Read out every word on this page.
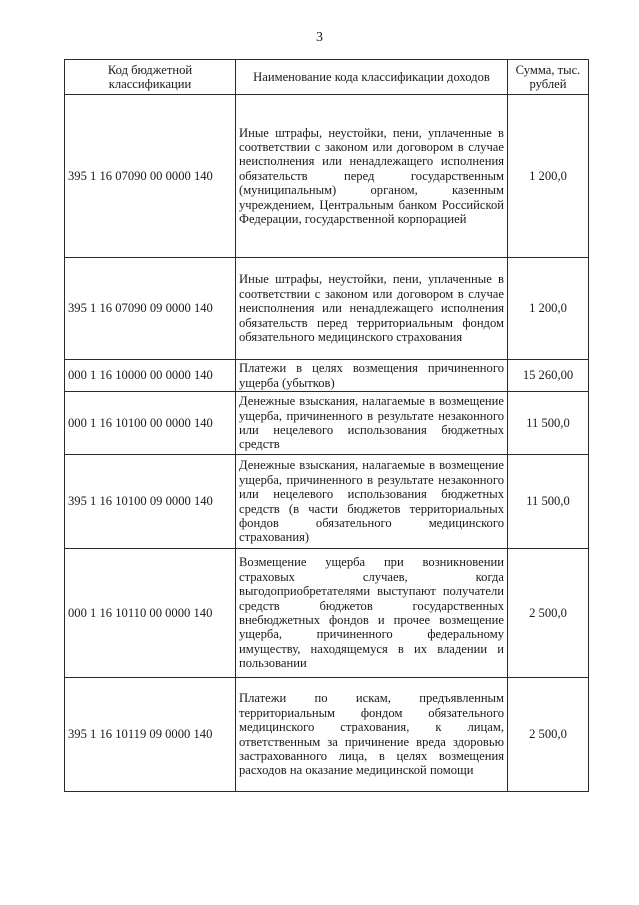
3
Код бюджетной классификации	Наименование кода классификации доходов	Сумма, тыс. рублей
395 1 16 07090 00 0000 140	Иные штрафы, неустойки, пени, уплаченные в соответствии с законом или договором в случае неисполнения или ненадлежащего исполнения обязательств перед государственным (муниципальным) органом, казенным учреждением, Центральным банком Российской Федерации, государственной корпорацией	1 200,0
395 1 16 07090 09 0000 140	Иные штрафы, неустойки, пени, уплаченные в соответствии с законом или договором в случае неисполнения или ненадлежащего исполнения обязательств перед территориальным фондом обязательного медицинского страхования	1 200,0
000 1 16 10000 00 0000 140	Платежи в целях возмещения причиненного ущерба (убытков)	15 260,00
000 1 16 10100 00 0000 140	Денежные взыскания, налагаемые в возмещение ущерба, причиненного в результате незаконного или нецелевого использования бюджетных средств	11 500,0
395 1 16 10100 09 0000 140	Денежные взыскания, налагаемые в возмещение ущерба, причиненного в результате незаконного или нецелевого использования бюджетных средств (в части бюджетов территориальных фондов обязательного медицинского страхования)	11 500,0
000 1 16 10110 00 0000 140	Возмещение ущерба при возникновении страховых случаев, когда выгодоприобретателями выступают получатели средств бюджетов государственных внебюджетных фондов и прочее возмещение ущерба, причиненного федеральному имуществу, находящемуся в их владении и пользовании	2 500,0
395 1 16 10119 09 0000 140	Платежи по искам, предъявленным территориальным фондом обязательного медицинского страхования, к лицам, ответственным за причинение вреда здоровью застрахованного лица, в целях возмещения расходов на оказание медицинской помощи	2 500,0
